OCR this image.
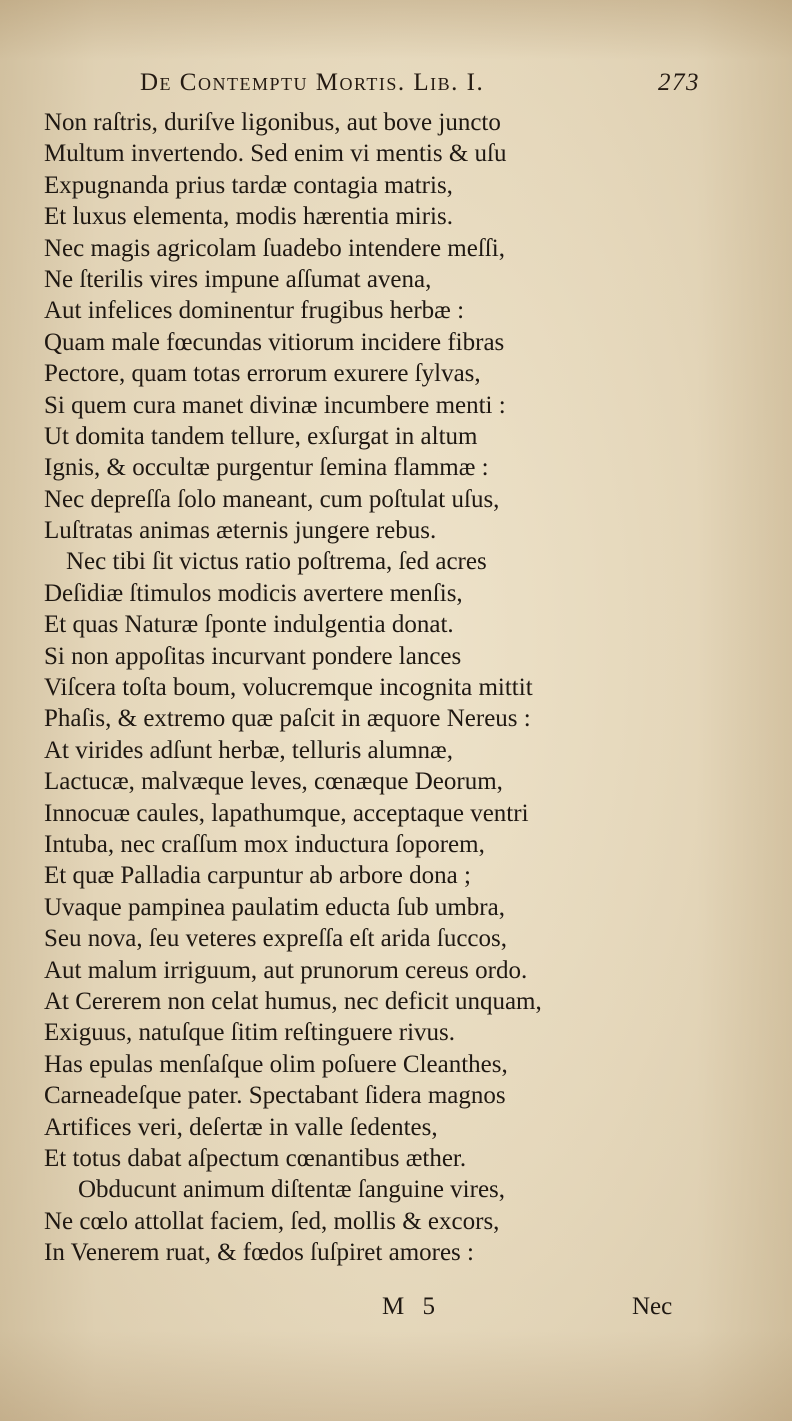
De Contemptu Mortis. Lib. I.	273
Non raſtris, duriſve ligonibus, aut bove juncto
Multum invertendo. Sed enim vi mentis & uſu
Expugnanda prius tardæ contagia matris,
Et luxus elementa, modis hærentia miris.
Nec magis agricolam ſuadebo intendere meſſi,
Ne ſterilis vires impune aſſumat avena,
Aut infelices dominentur frugibus herbæ :
Quam male fœcundas vitiorum incidere fibras
Pectore, quam totas errorum exurere ſylvas,
Si quem cura manet divinæ incumbere menti :
Ut domita tandem tellure, exſurgat in altum
Ignis, & occultæ purgentur ſemina flammæ :
Nec depreſſa ſolo maneant, cum poſtulat uſus,
Luſtratas animas æternis jungere rebus.
Nec tibi ſit victus ratio poſtrema, ſed acres
Deſidiæ ſtimulos modicis avertere menſis,
Et quas Naturæ ſponte indulgentia donat.
Si non appoſitas incurvant pondere lances
Viſcera toſta boum, volucremque incognita mittit
Phaſis, & extremo quæ paſcit in æquore Nereus :
At virides adſunt herbæ, telluris alumnæ,
Lactucæ, malvæque leves, cœnæque Deorum,
Innocuæ caules, lapathumque, acceptaque ventri
Intuba, nec craſſum mox inductura ſoporem,
Et quæ Palladia carpuntur ab arbore dona ;
Uvaque pampinea paulatim educta ſub umbra,
Seu nova, ſeu veteres expreſſa eſt arida ſuccos,
Aut malum irriguum, aut prunorum cereus ordo.
At Cererem non celat humus, nec deficit unquam,
Exiguus, natuſque ſitim reſtinguere rivus.
Has epulas menſaſque olim poſuere Cleanthes,
Carneadeſque pater. Spectabant ſidera magnos
Artifices veri, deſertæ in valle ſedentes,
Et totus dabat aſpectum cœnantibus æther.
Obducunt animum diſtentæ ſanguine vires,
Ne cœlo attollat faciem, ſed, mollis & excors,
In Venerem ruat, & fœdos ſuſpiret amores :
M 5	Nec
